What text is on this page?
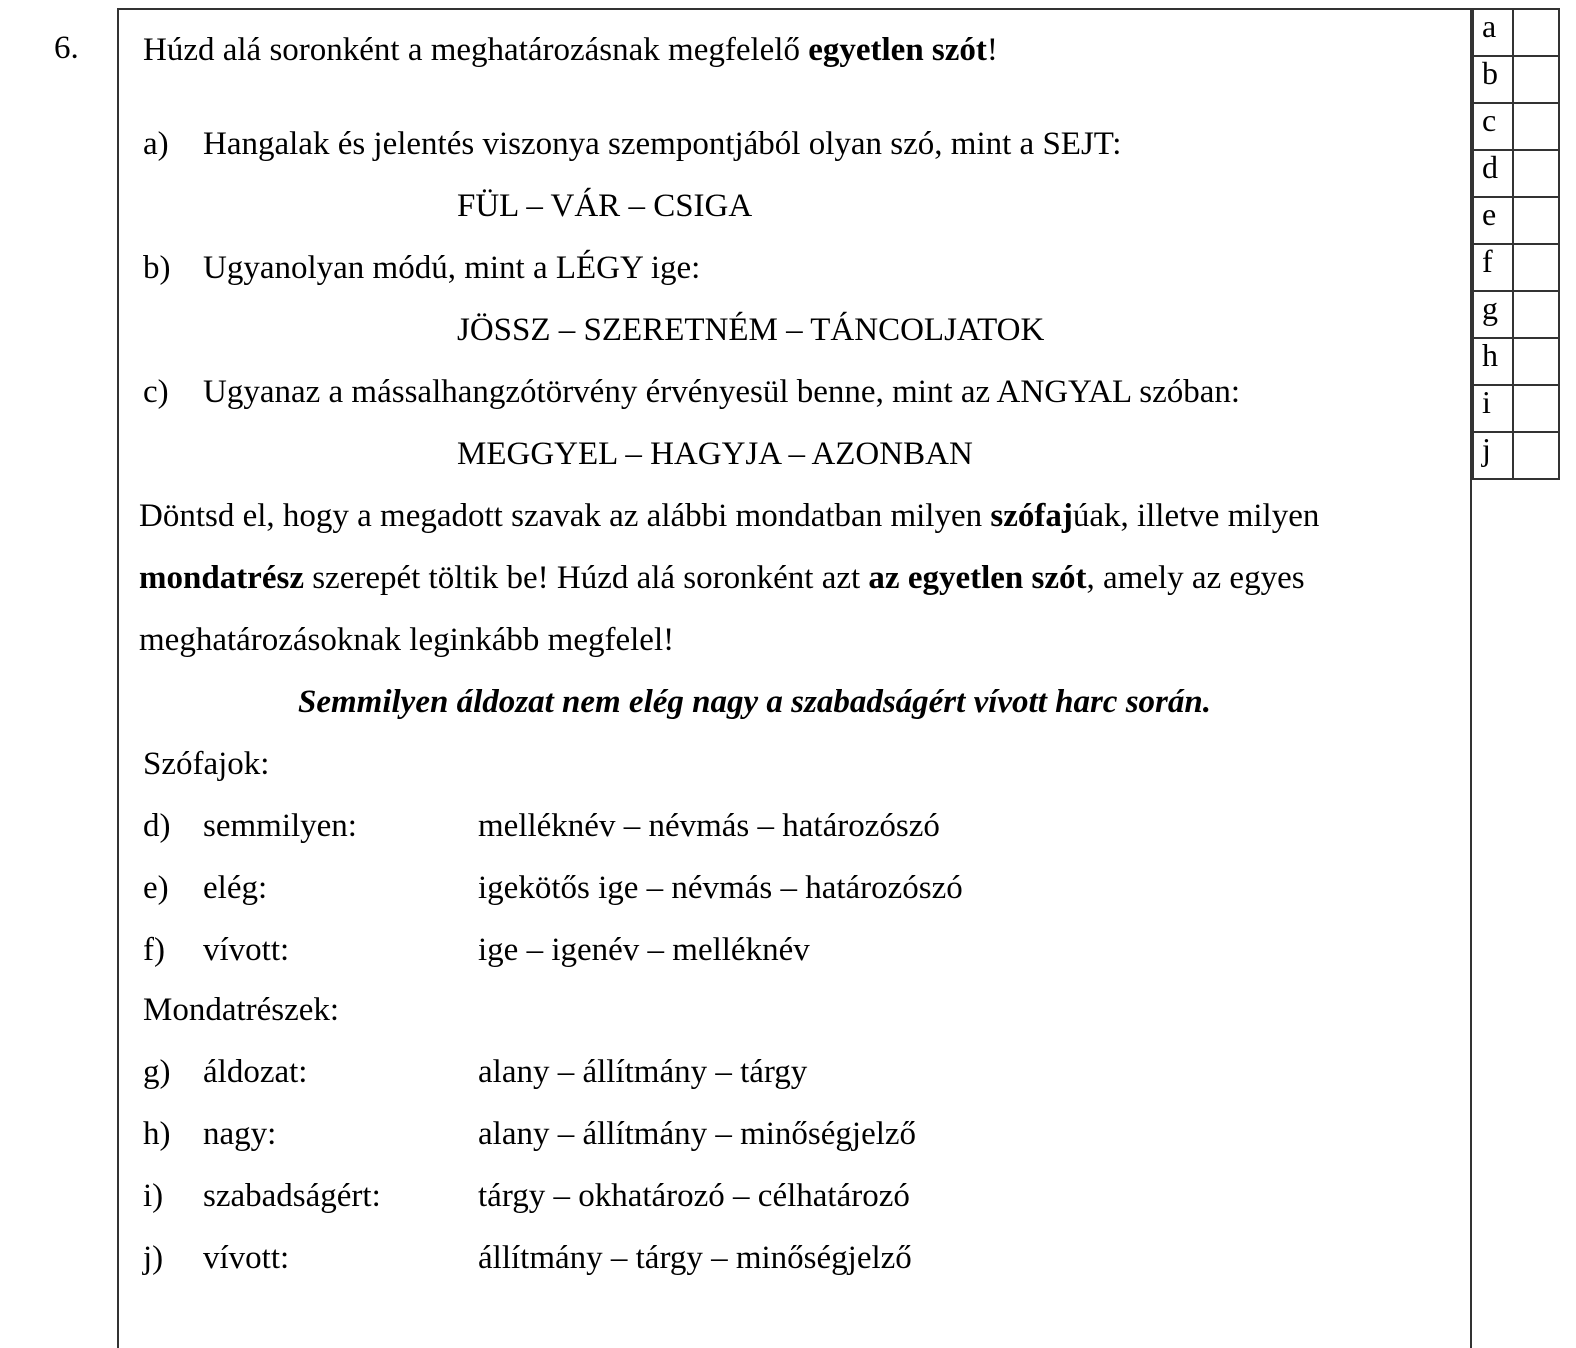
6.
a	
b	
c	
d	
e	
f	
g	
h	
i	
j	
Húzd alá soronként a meghatározásnak megfelelő egyetlen szót!
a) Hangalak és jelentés viszonya szempontjából olyan szó, mint a SEJT:
FÜL – VÁR – CSIGA
b) Ugyanolyan módú, mint a LÉGY ige:
JÖSSZ – SZERETNÉM – TÁNCOLJATOK
c) Ugyanaz a mássalhangzótörvény érvényesül benne, mint az ANGYAL szóban:
MEGGYEL – HAGYJA – AZONBAN
Döntsd el, hogy a megadott szavak az alábbi mondatban milyen szófajúak, illetve milyen
mondatrész szerepét töltik be! Húzd alá soronként azt az egyetlen szót, amely az egyes
meghatározásoknak leginkább megfelel!
Semmilyen áldozat nem elég nagy a szabadságért vívott harc során.
Szófajok:
d) semmilyen:	melléknév – névmás – határozószó
e) elég:	igekötős ige – névmás – határozószó
f) vívott:	ige – igenév – melléknév
Mondatrészek:
g) áldozat:	alany – állítmány – tárgy
h) nagy:	alany – állítmány – minőségjelző
i) szabadságért:	tárgy – okhatározó – célhatározó
j) vívott:	állítmány – tárgy – minőségjelző
